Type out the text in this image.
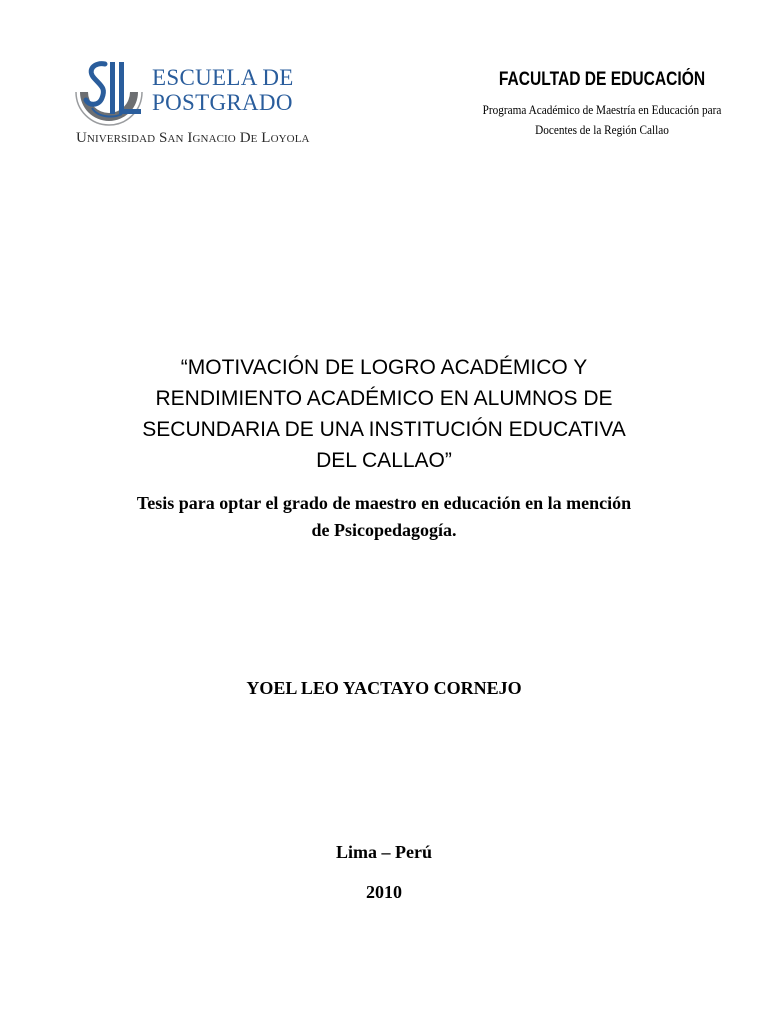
ESCUELA DE
POSTGRADO
Universidad San Ignacio De Loyola
FACULTAD DE EDUCACIÓN
Programa Académico de Maestría en Educación para
Docentes de la Región Callao
“MOTIVACIÓN DE LOGRO ACADÉMICO Y
RENDIMIENTO ACADÉMICO EN ALUMNOS DE
SECUNDARIA DE UNA INSTITUCIÓN EDUCATIVA
DEL CALLAO”
Tesis para optar el grado de maestro en educación en la mención
de Psicopedagogía.
YOEL LEO YACTAYO CORNEJO
Lima – Perú
2010
